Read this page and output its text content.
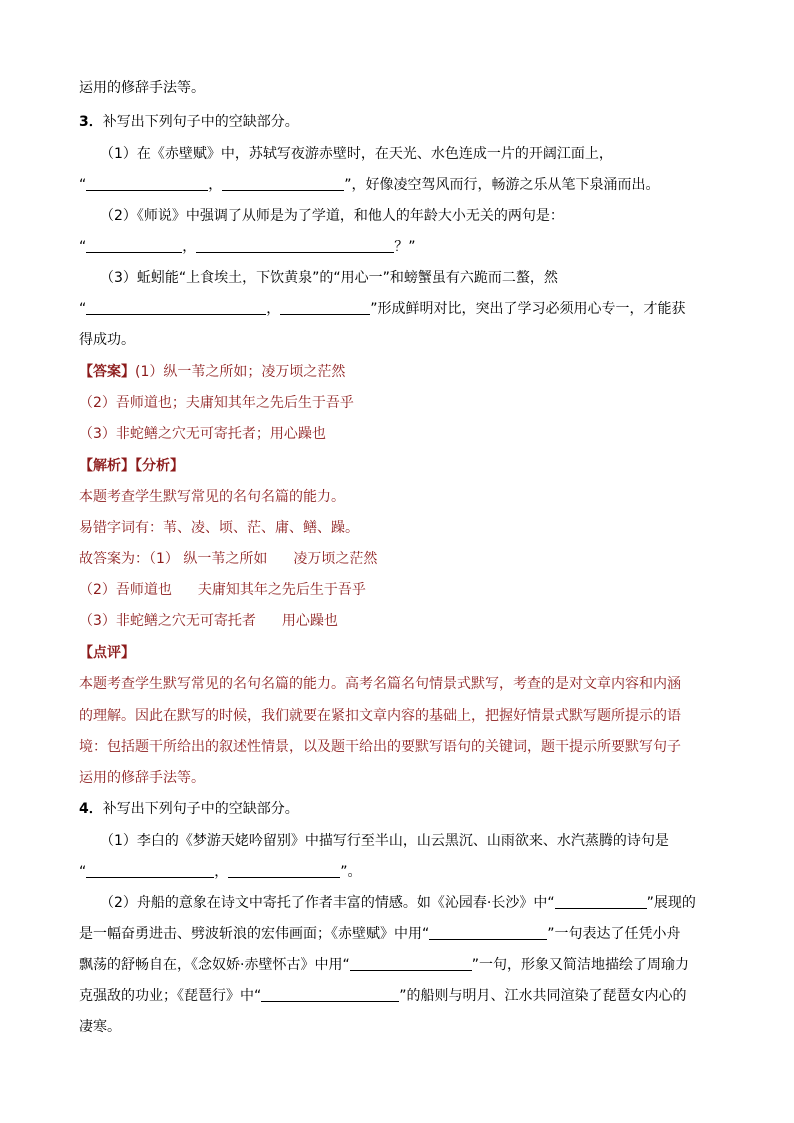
运用的修辞手法等。
3．补写出下列句子中的空缺部分。
（1）在《赤壁赋》中，苏轼写夜游赤壁时，在天光、水色连成一片的开阔江面上，
“	，	”，好像凌空驾风而行，畅游之乐从笔下泉涌而出。
（2）《师说》中强调了从师是为了学道，和他人的年龄大小无关的两句是：
“	，	？”
（3）蚯蚓能“上食埃土，下饮黄泉”的“用心一”和螃蟹虽有六跪而二螯，然
“	，	”形成鲜明对比，突出了学习必须用心专一，才能获
得成功。
【答案】(1）纵一苇之所如；凌万顷之茫然
（2）吾师道也；夫庸知其年之先后生于吾乎
（3）非蛇鳝之穴无可寄托者；用心躁也
【解析】【分析】
本题考查学生默写常见的名句名篇的能力。
易错字词有：苇、凌、顷、茫、庸、鳝、躁。
故答案为：（1） 纵一苇之所如 凌万顷之茫然
（2）吾师道也 夫庸知其年之先后生于吾乎
（3）非蛇鳝之穴无可寄托者 用心躁也
【点评】
本题考查学生默写常见的名句名篇的能力。高考名篇名句情景式默写，考查的是对文章内容和内涵
的理解。因此在默写的时候，我们就要在紧扣文章内容的基础上，把握好情景式默写题所提示的语
境：包括题干所给出的叙述性情景，以及题干给出的要默写语句的关键词，题干提示所要默写句子
运用的修辞手法等。
4．补写出下列句子中的空缺部分。
（1）李白的《梦游天姥吟留别》中描写行至半山，山云黑沉、山雨欲来、水汽蒸腾的诗句是
“	，	”。
（2）舟船的意象在诗文中寄托了作者丰富的情感。如《沁园春·长沙》中“	”展现的
是一幅奋勇进击、劈波斩浪的宏伟画面；《赤壁赋》中用“	”一句表达了任凭小舟
飘荡的舒畅自在，《念奴娇·赤壁怀古》中用“	”一句，形象又简洁地描绘了周瑜力
克强敌的功业；《琵琶行》中“	”的船则与明月、江水共同渲染了琵琶女内心的
凄寒。
